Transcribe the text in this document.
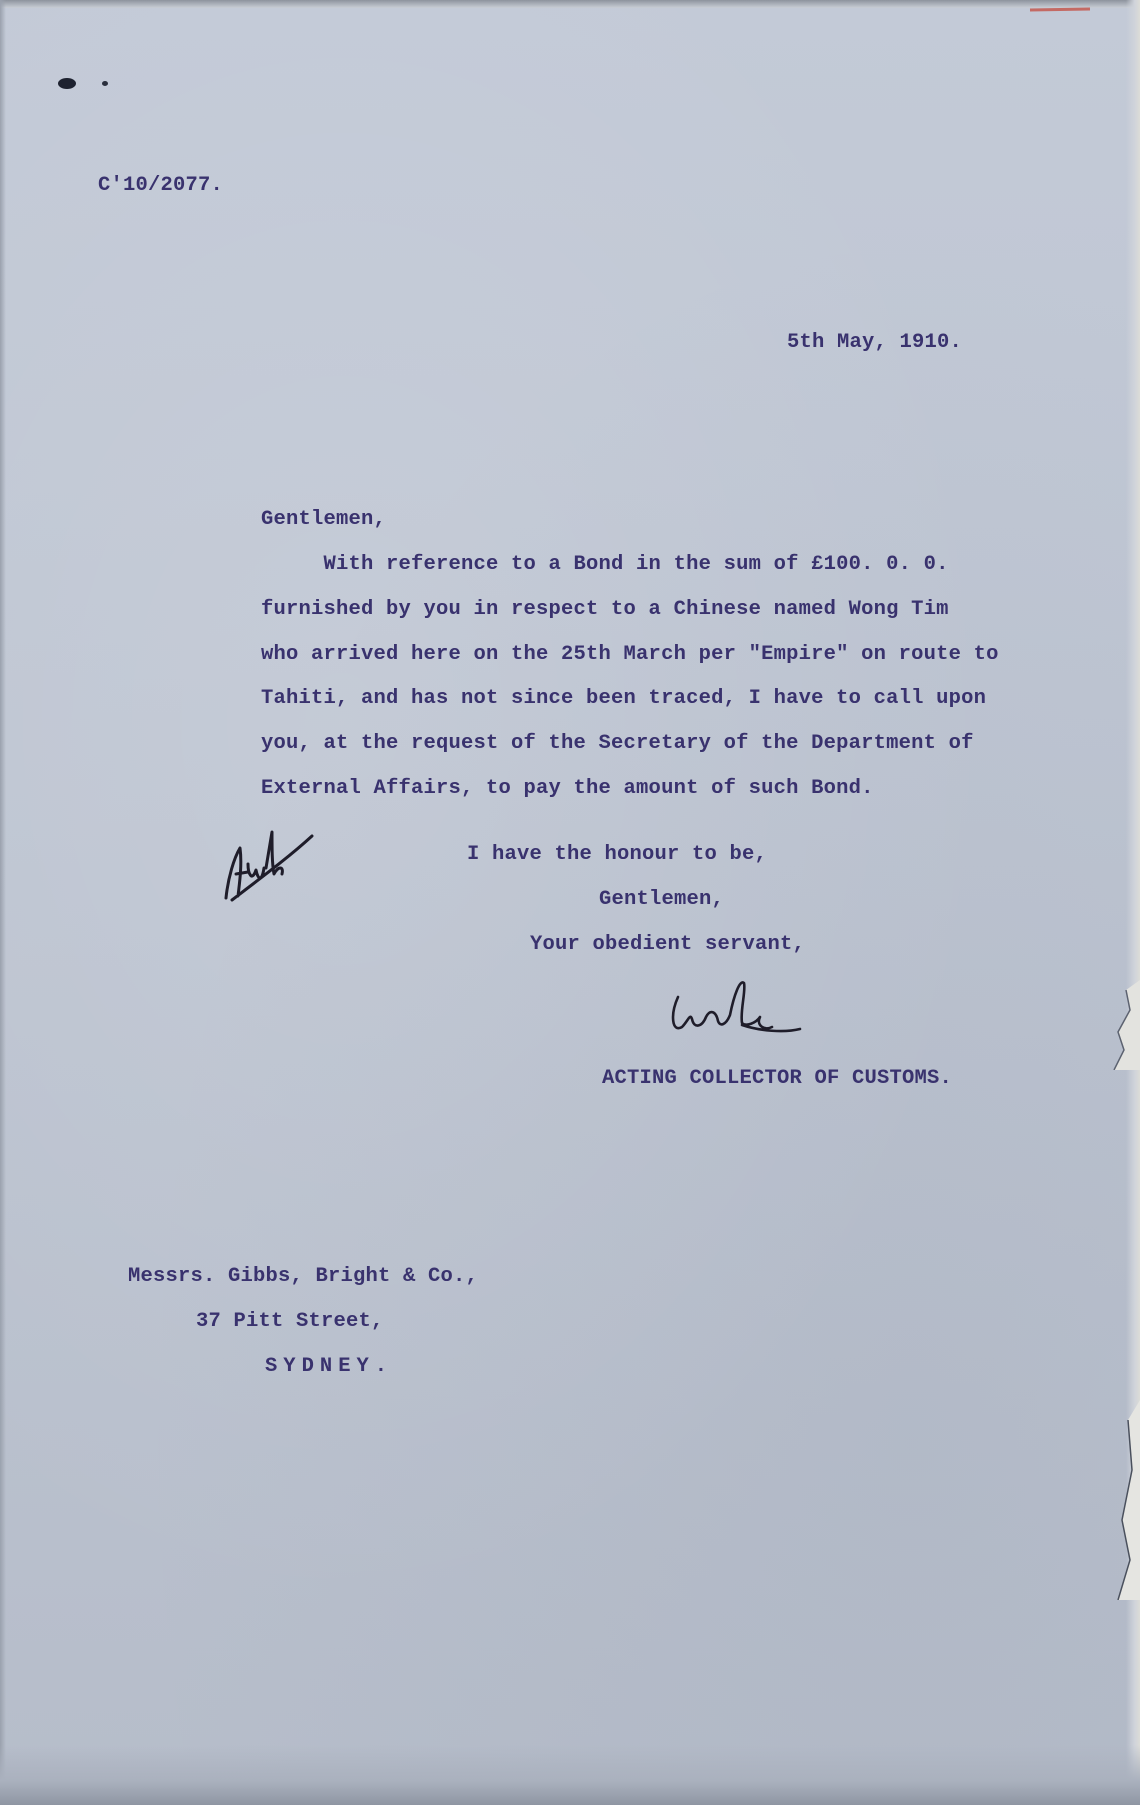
C'10/2077.
5th May, 1910.
Gentlemen,
With reference to a Bond in the sum of £100. 0. 0.
furnished by you in respect to a Chinese named Wong Tim
who arrived here on the 25th March per "Empire" on route to
Tahiti, and has not since been traced, I have to call upon
you, at the request of the Secretary of the Department of
External Affairs, to pay the amount of such Bond.
I have the honour to be,
Gentlemen,
Your obedient servant,
ACTING COLLECTOR OF CUSTOMS.
Messrs. Gibbs, Bright & Co.,
37 Pitt Street,
SYDNEY.
